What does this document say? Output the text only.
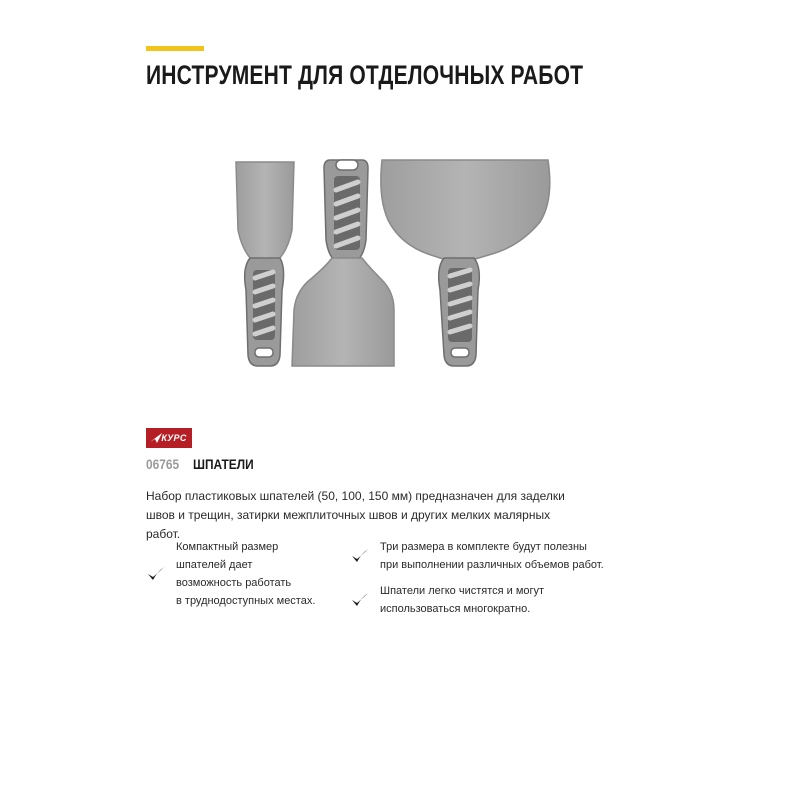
ИНСТРУМЕНТ ДЛЯ ОТДЕЛОЧНЫХ РАБОТ
КУРС
06765 ШПАТЕЛИ

Набор пластиковых шпателей (50, 100, 150 мм) предназначен для заделки швов и трещин, затирки межплиточных швов и других мелких малярных работ.

Компактный размер
шпателей дает
возможность работать
в труднодоступных местах.

Три размера в комплекте будут полезны
при выполнении различных объемов работ.

Шпатели легко чистятся и могут
использоваться многократно.
